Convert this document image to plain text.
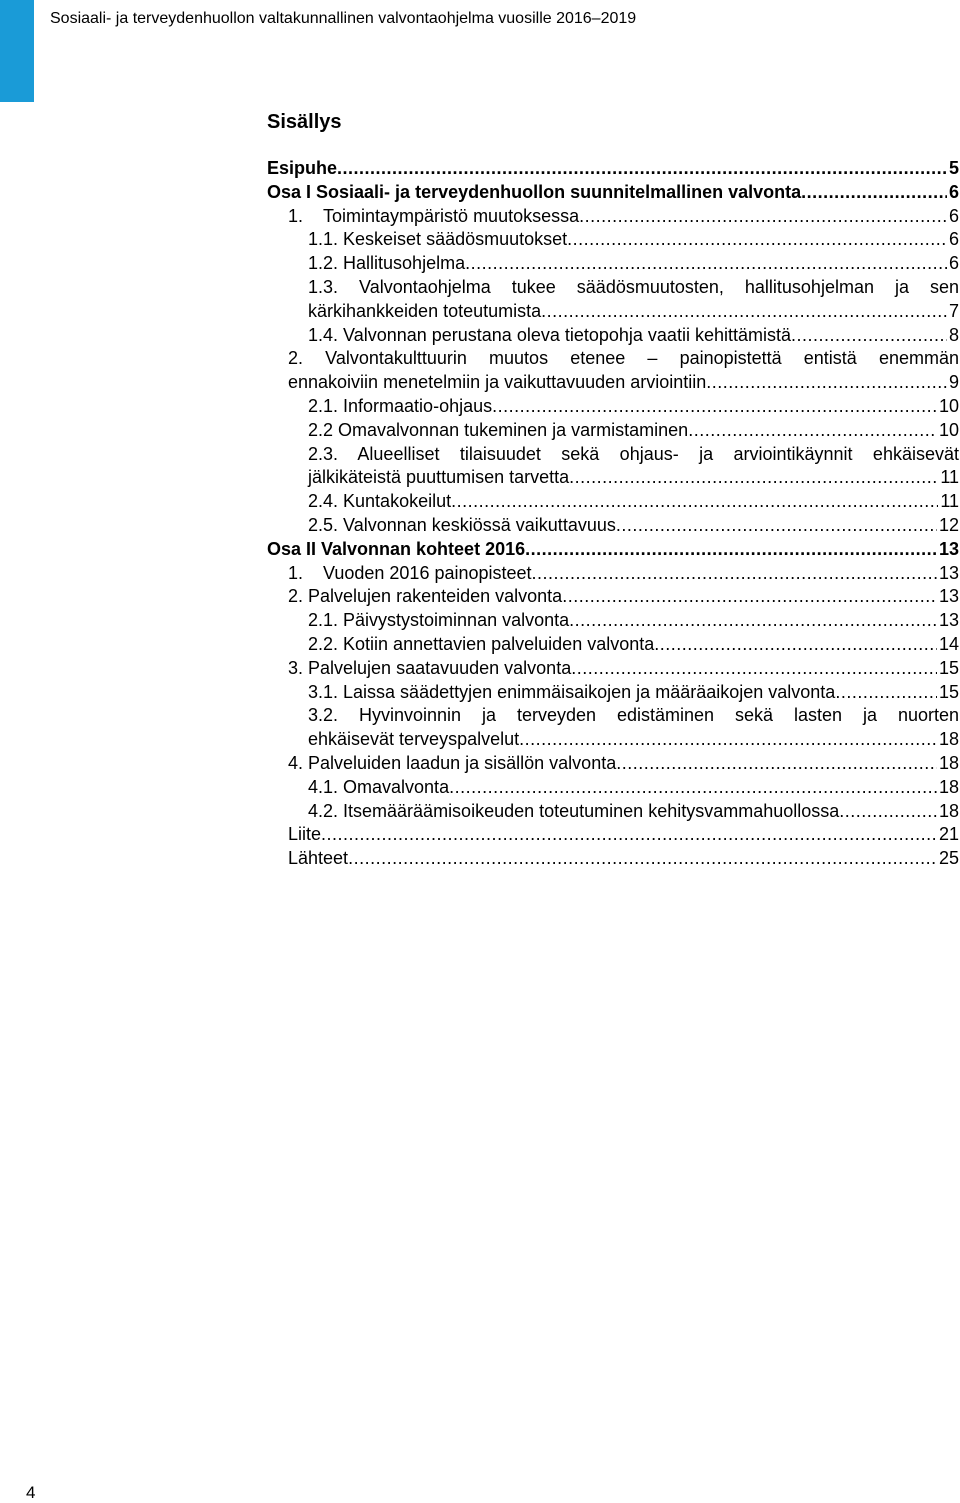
Sosiaali- ja terveydenhuollon valtakunnallinen valvontaohjelma vuosille 2016–2019
Sisällys
Esipuhe .....	5
Osa I Sosiaali- ja terveydenhuollon suunnitelmallinen valvonta .....	6
1. Toimintaympäristö muutoksessa .....	6
1.1. Keskeiset säädösmuutokset .....	6
1.2. Hallitusohjelma .....	6
1.3. Valvontaohjelma tukee säädösmuutosten, hallitusohjelman ja sen
kärkihankkeiden toteutumista .....	7
1.4. Valvonnan perustana oleva tietopohja vaatii kehittämistä .....	8
2. Valvontakulttuurin muutos etenee – painopistettä entistä enemmän
ennakoiviin menetelmiin ja vaikuttavuuden arviointiin .....	9
2.1. Informaatio-ohjaus .....	10
2.2 Omavalvonnan tukeminen ja varmistaminen .....	10
2.3. Alueelliset tilaisuudet sekä ohjaus- ja arviointikäynnit ehkäisevät
jälkikäteistä puuttumisen tarvetta .....	11
2.4. Kuntakokeilut .....	11
2.5. Valvonnan keskiössä vaikuttavuus .....	12
Osa II Valvonnan kohteet 2016 .....	13
1. Vuoden 2016 painopisteet .....	13
2. Palvelujen rakenteiden valvonta .....	13
2.1. Päivystystoiminnan valvonta .....	13
2.2. Kotiin annettavien palveluiden valvonta .....	14
3. Palvelujen saatavuuden valvonta .....	15
3.1. Laissa säädettyjen enimmäisaikojen ja määräaikojen valvonta .....	15
3.2. Hyvinvoinnin ja terveyden edistäminen sekä lasten ja nuorten
ehkäisevät terveyspalvelut .....	18
4. Palveluiden laadun ja sisällön valvonta .....	18
4.1. Omavalvonta .....	18
4.2. Itsemääräämisoikeuden toteutuminen kehitysvammahuollossa .....	18
Liite .....	21
Lähteet .....	25
4
